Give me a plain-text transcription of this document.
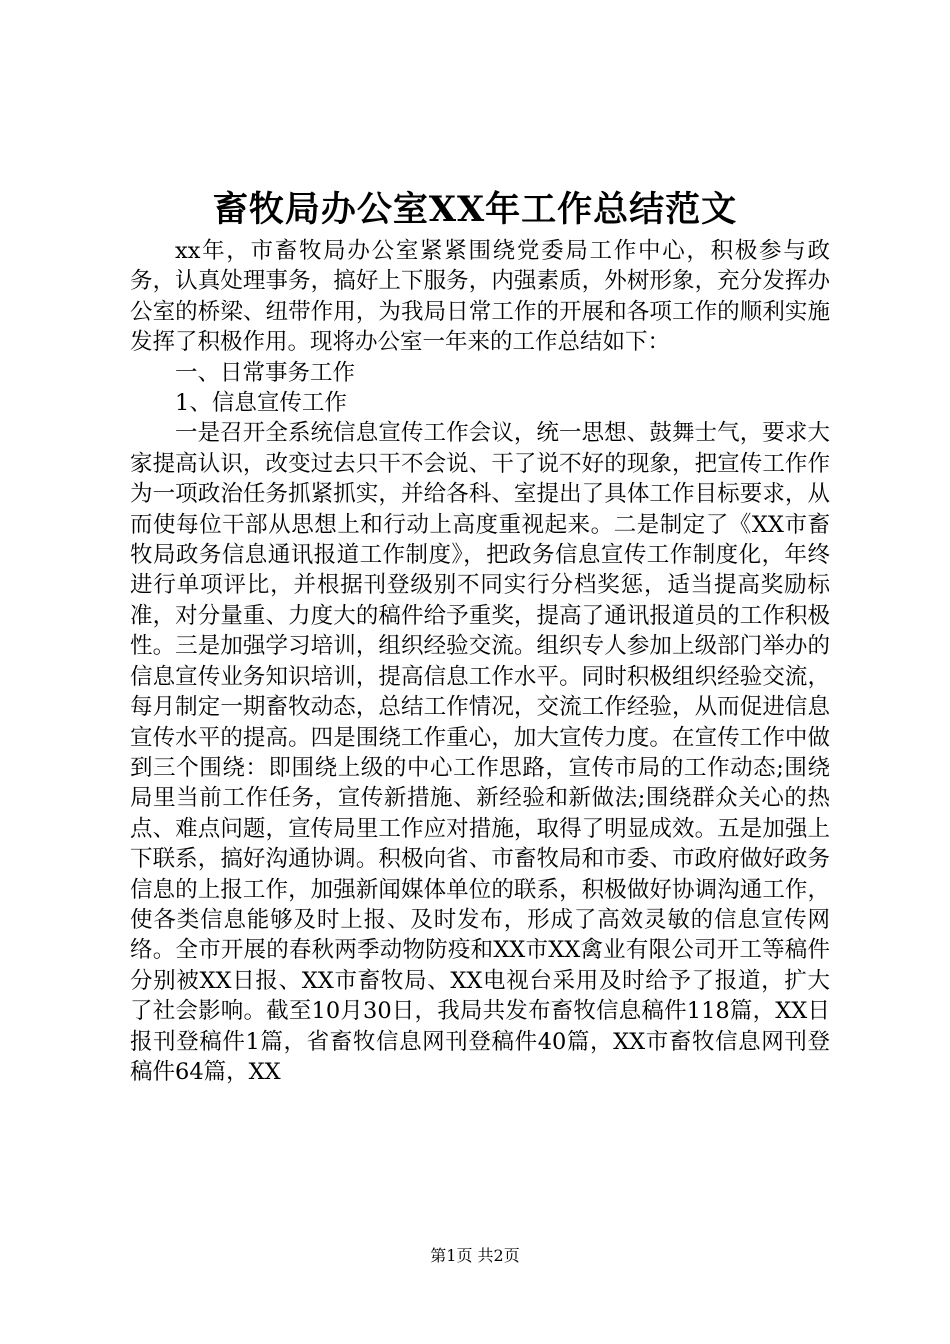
畜牧局办公室XX年工作总结范文

xx年，市畜牧局办公室紧紧围绕党委局工作中心，积极参与政务，认真处理事务，搞好上下服务，内强素质，外树形象，充分发挥办公室的桥梁、纽带作用，为我局日常工作的开展和各项工作的顺利实施发挥了积极作用。现将办公室一年来的工作总结如下：

一、日常事务工作

1、信息宣传工作

一是召开全系统信息宣传工作会议，统一思想、鼓舞士气，要求大家提高认识，改变过去只干不会说、干了说不好的现象，把宣传工作作为一项政治任务抓紧抓实，并给各科、室提出了具体工作目标要求，从而使每位干部从思想上和行动上高度重视起来。二是制定了《XX市畜牧局政务信息通讯报道工作制度》，把政务信息宣传工作制度化，年终进行单项评比，并根据刊登级别不同实行分档奖惩，适当提高奖励标准，对分量重、力度大的稿件给予重奖，提高了通讯报道员的工作积极性。三是加强学习培训，组织经验交流。组织专人参加上级部门举办的信息宣传业务知识培训，提高信息工作水平。同时积极组织经验交流，每月制定一期畜牧动态，总结工作情况，交流工作经验，从而促进信息宣传水平的提高。四是围绕工作重心，加大宣传力度。在宣传工作中做到三个围绕：即围绕上级的中心工作思路，宣传市局的工作动态;围绕局里当前工作任务，宣传新措施、新经验和新做法;围绕群众关心的热点、难点问题，宣传局里工作应对措施，取得了明显成效。五是加强上下联系，搞好沟通协调。积极向省、市畜牧局和市委、市政府做好政务信息的上报工作，加强新闻媒体单位的联系，积极做好协调沟通工作，使各类信息能够及时上报、及时发布，形成了高效灵敏的信息宣传网络。全市开展的春秋两季动物防疫和XX市XX禽业有限公司开工等稿件分别被XX日报、XX市畜牧局、XX电视台采用及时给予了报道，扩大了社会影响。截至10月30日，我局共发布畜牧信息稿件118篇，XX日报刊登稿件1篇，省畜牧信息网刊登稿件40篇，XX市畜牧信息网刊登稿件64篇，XX

第1页 共2页
